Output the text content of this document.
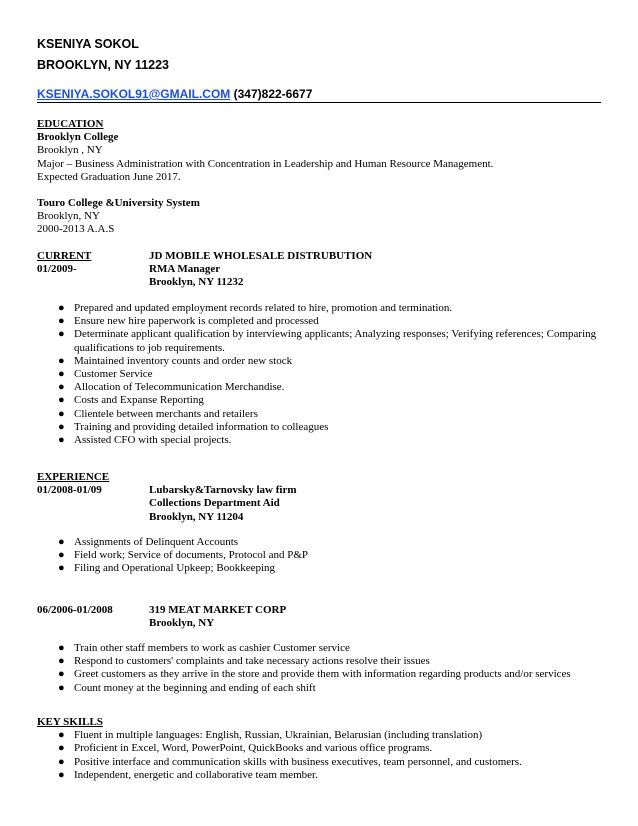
KSENIYA SOKOL
BROOKLYN, NY 11223
KSENIYA.SOKOL91@GMAIL.COM (347)822-6677

EDUCATION

Brooklyn College

Brooklyn , NY

Major – Business Administration with Concentration in Leadership and Human Resource Management.

Expected Graduation June 2017.

Touro College &University System

Brooklyn, NY

2000-2013 A.A.S

CURRENT	JD MOBILE WHOLESALE DISTRUBUTION
01/2009-	RMA Manager
Brooklyn, NY 11232
● Prepared and updated employment records related to hire, promotion and termination.
● Ensure new hire paperwork is completed and processed
● Determinate applicant qualification by interviewing applicants; Analyzing responses; Verifying references; Comparing qualifications to job requirements.
● Maintained inventory counts and order new stock
● Customer Service
● Allocation of Telecommunication Merchandise.
● Costs and Expanse Reporting
● Clientele between merchants and retailers
● Training and providing detailed information to colleagues
● Assisted CFO with special projects.

EXPERIENCE

01/2008-01/09	Lubarsky&Tarnovsky law firm
Collections Department Aid
Brooklyn, NY 11204
● Assignments of Delinquent Accounts
● Field work; Service of documents, Protocol and P&P
● Filing and Operational Upkeep; Bookkeeping
06/2006-01/2008	319 MEAT MARKET CORP
Brooklyn, NY
● Train other staff members to work as cashier Customer service
● Respond to customers' complaints and take necessary actions resolve their issues
● Greet customers as they arrive in the store and provide them with information regarding products and/or services
● Count money at the beginning and ending of each shift

KEY SKILLS

● Fluent in multiple languages: English, Russian, Ukrainian, Belarusian (including translation)
● Proficient in Excel, Word, PowerPoint, QuickBooks and various office programs.
● Positive interface and communication skills with business executives, team personnel, and customers.
● Independent, energetic and collaborative team member.
